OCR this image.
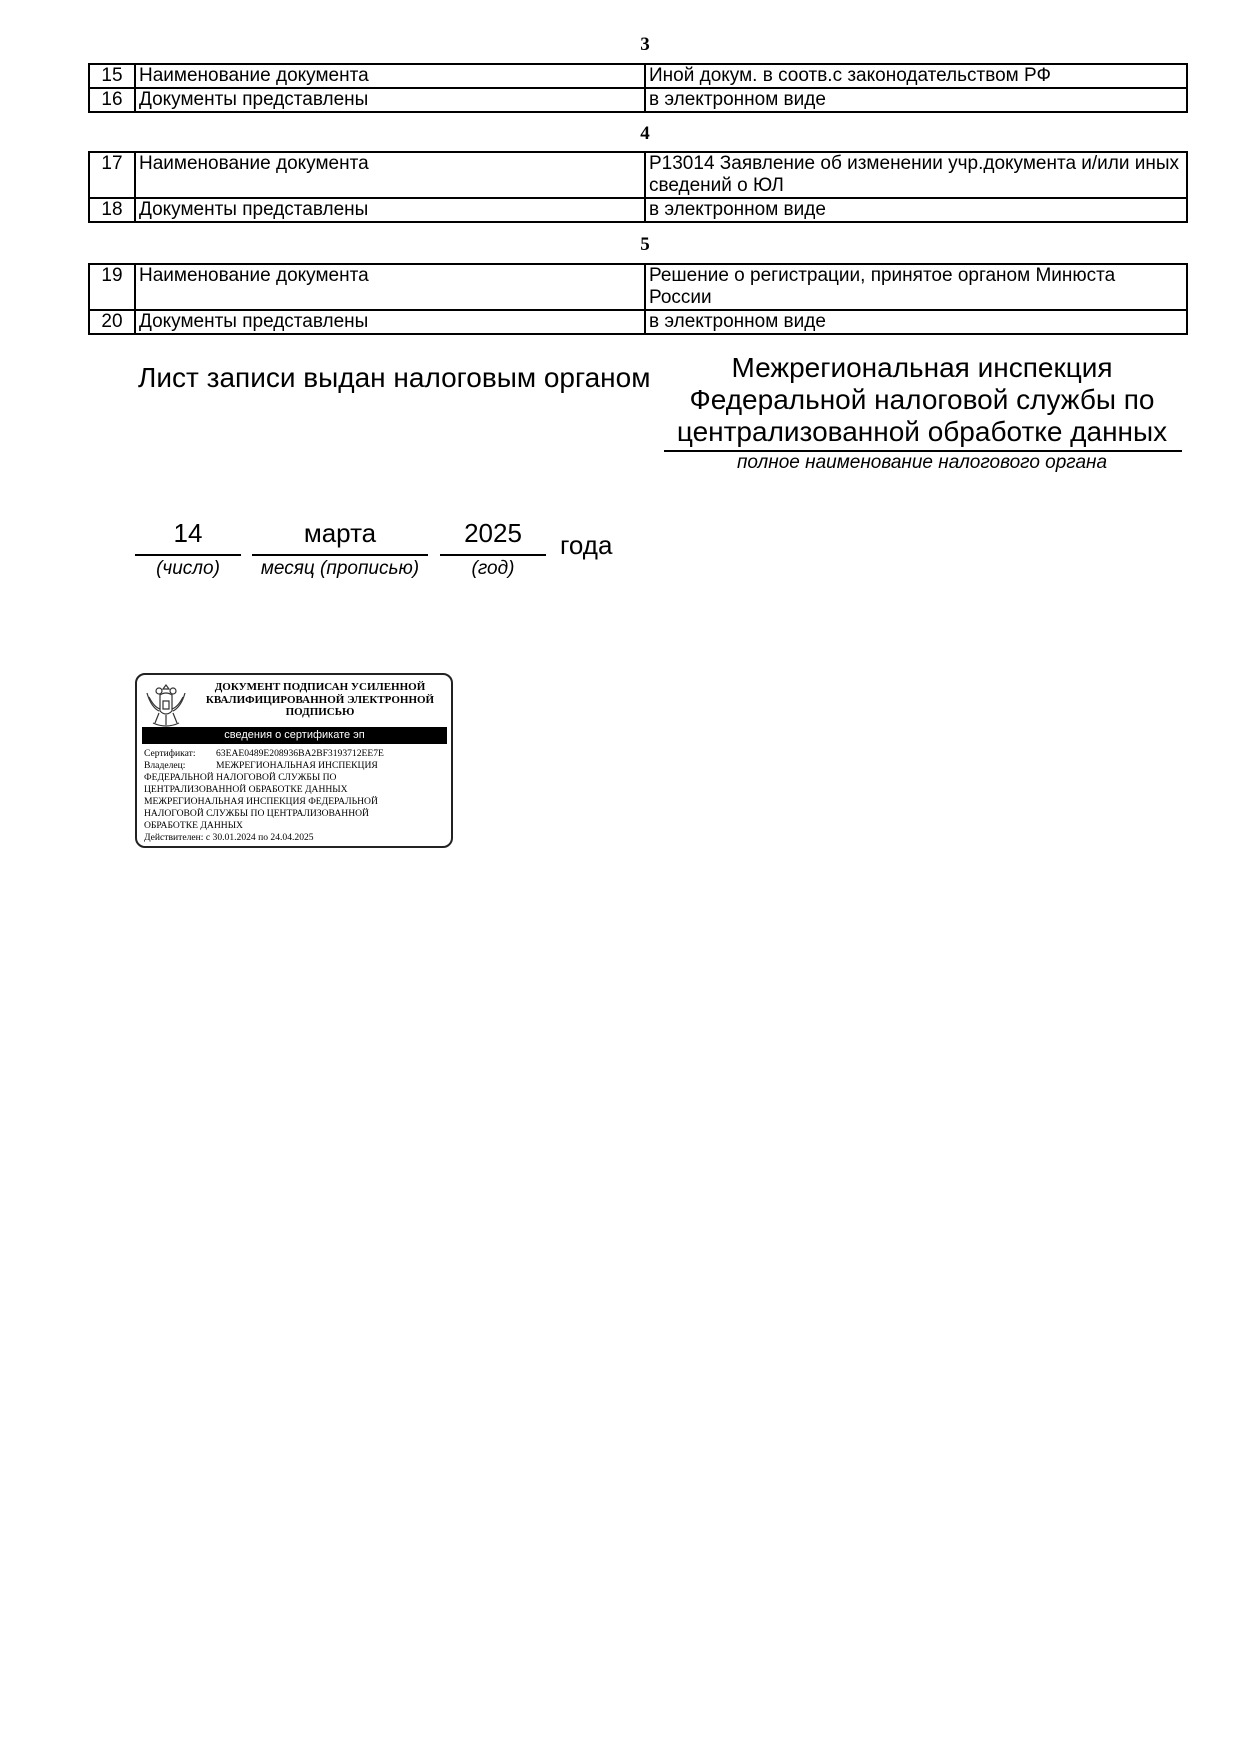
3
15	Наименование документа	Иной докум. в соотв.с законодательством РФ
16	Документы представлены	в электронном виде
4
17	Наименование документа	Р13014 Заявление об изменении учр.документа и/или иных сведений о ЮЛ
18	Документы представлены	в электронном виде
5
19	Наименование документа	Решение о регистрации, принятое органом Минюста России
20	Документы представлены	в электронном виде
Лист записи выдан налоговым органом	Межрегиональная инспекция Федеральной налоговой службы по централизованной обработке данных
полное наименование налогового органа
14
(число)
марта
месяц (прописью)
2025
(год)
года
ДОКУМЕНТ ПОДПИСАН УСИЛЕННОЙ КВАЛИФИЦИРОВАННОЙ ЭЛЕКТРОННОЙ ПОДПИСЬЮ
сведения о сертификате эп
Сертификат: 63EAE0489E208936BA2BF3193712EE7E
Владелец:	МЕЖРЕГИОНАЛЬНАЯ ИНСПЕКЦИЯ
ФЕДЕРАЛЬНОЙ НАЛОГОВОЙ СЛУЖБЫ ПО
ЦЕНТРАЛИЗОВАННОЙ ОБРАБОТКЕ ДАННЫХ
МЕЖРЕГИОНАЛЬНАЯ ИНСПЕКЦИЯ ФЕДЕРАЛЬНОЙ
НАЛОГОВОЙ СЛУЖБЫ ПО ЦЕНТРАЛИЗОВАННОЙ
ОБРАБОТКЕ ДАННЫХ
Действителен: с 30.01.2024 по 24.04.2025
